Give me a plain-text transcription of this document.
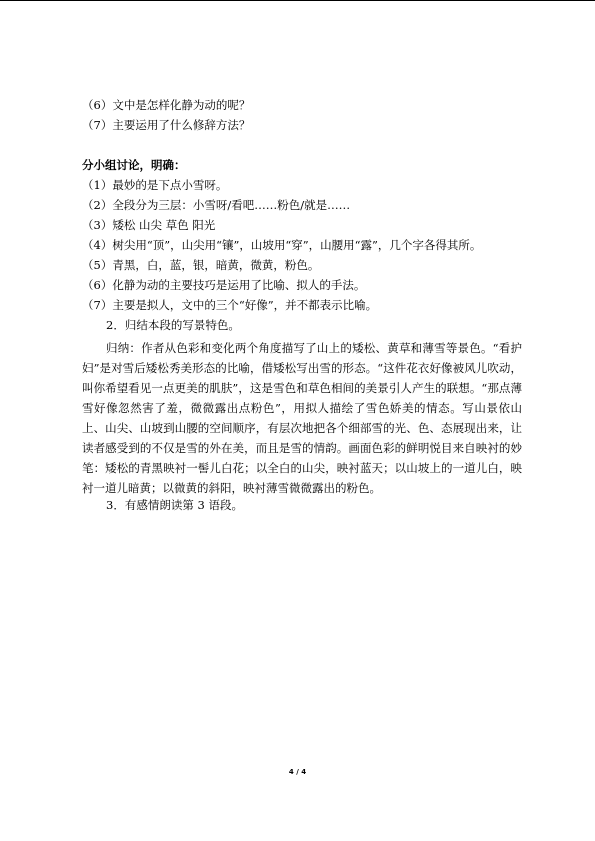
（6）文中是怎样化静为动的呢？
（7）主要运用了什么修辞方法？
分小组讨论，明确：
（1）最妙的是下点小雪呀。
（2）全段分为三层：小雪呀/看吧……粉色/就是……
（3）矮松 山尖 草色 阳光
（4）树尖用“顶”，山尖用“镶”，山坡用“穿”，山腰用“露”，几个字各得其所。
（5）青黑，白，蓝，银，暗黄，微黄，粉色。
（6）化静为动的主要技巧是运用了比喻、拟人的手法。
（7）主要是拟人，文中的三个“好像”，并不都表示比喻。
2．归结本段的写景特色。

归纳：作者从色彩和变化两个角度描写了山上的矮松、黄草和薄雪等景色。“看护妇”是对雪后矮松秀美形态的比喻，借矮松写出雪的形态。“这件花衣好像被风儿吹动，叫你希望看见一点更美的肌肤”，这是雪色和草色相间的美景引人产生的联想。“那点薄雪好像忽然害了羞，微微露出点粉色”，用拟人描绘了雪色娇美的情态。写山景依山上、山尖、山坡到山腰的空间顺序，有层次地把各个细部雪的光、色、态展现出来，让读者感受到的不仅是雪的外在美，而且是雪的情韵。画面色彩的鲜明悦目来自映衬的妙笔：矮松的青黑映衬一髻儿白花；以全白的山尖，映衬蓝天；以山坡上的一道儿白，映衬一道儿暗黄；以微黄的斜阳，映衬薄雪微微露出的粉色。

3．有感情朗读第 3 语段。
4 / 4
